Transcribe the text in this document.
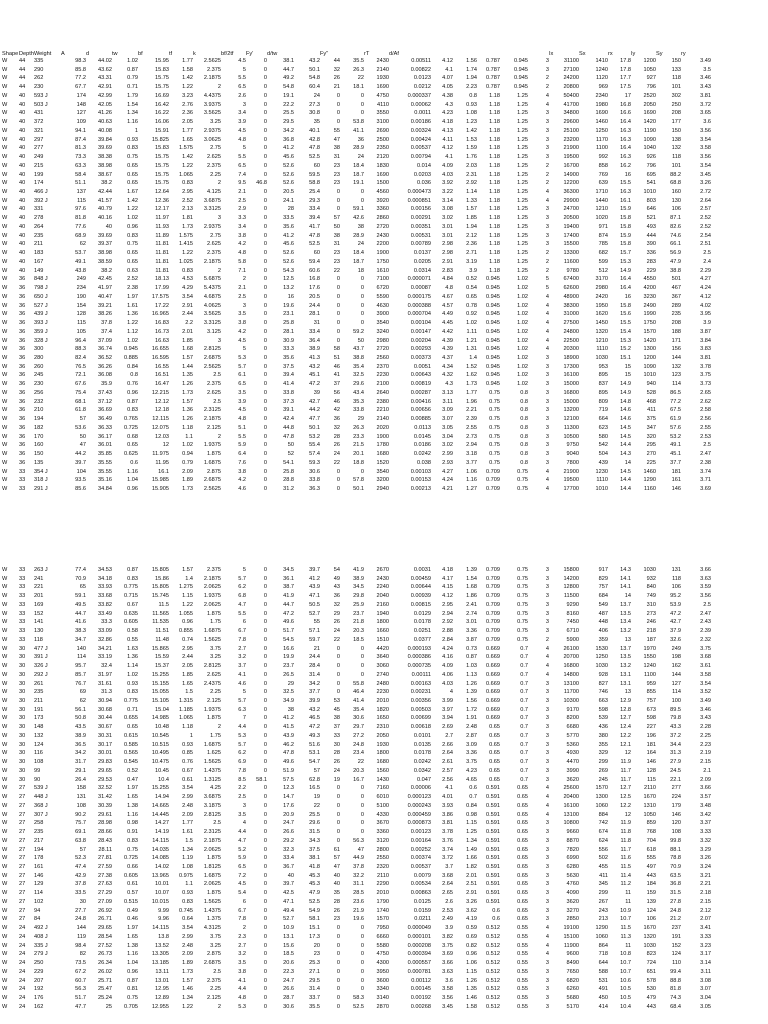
Shape	Depth	Weight	A	d	tw	bf	tf	k	bf/2tf	Fy'	d/tw		Fy''		rT	d/Af						Ix	Sx	rx	Iy	Sy	ry
W	44	335	98.3	44.02	1.02	15.95	1.77	2.5625	4.5	0	38.1	43.2	44	35.5	2430	0.00511	4.12	1.56	0.787	0.945	3	31100	1410	17.8	1200	150	3.49
W	44	290	85.8	43.62	0.87	15.83	1.58	2.375	5	0	44.7	50.1	32	26.3	2140	0.00822	4.1	1.74	0.787	0.945	3	27100	1240	17.8	1050	133	3.5
W	44	262	77.2	43.31	0.79	15.75	1.42	2.1875	5.5	0	49.2	54.8	26	22	1930	0.0123	4.07	1.94	0.787	0.945	2	24200	1120	17.7	927	118	3.46
W	44	230	67.7	42.91	0.71	15.75	1.22	2	6.5	0	54.8	60.4	21	18.1	1690	0.0212	4.05	2.23	0.787	0.945	2	20800	969	17.5	796	101	3.43
W	40	593 J	174	42.99	1.79	16.69	3.23	4.4375	2.6	0	19.1	24	0	0	4750	0.000337	4.38	0.8	1.18	1.25	4	50400	2340	17	2520	302	3.81
W	40	503 J	148	42.05	1.54	16.42	2.76	3.9375	3	0	22.2	27.3	0	0	4110	0.00062	4.3	0.93	1.18	1.25	4	41700	1980	16.8	2050	250	3.72
W	40	431	127	41.26	1.34	16.22	2.36	3.5625	3.4	0	25.5	30.8	0	0	3550	0.0011	4.23	1.08	1.18	1.25	3	34800	1690	16.6	1690	208	3.65
W	40	372	109	40.63	1.16	16.06	2.05	3.25	3.9	0	29.5	35	0	53.8	3100	0.00186	4.18	1.23	1.18	1.25	3	29600	1460	16.4	1420	177	3.6
W	40	321	94.1	40.08	1	15.91	1.77	2.9375	4.5	0	34.2	40.1	55	41.1	2690	0.00324	4.13	1.42	1.18	1.25	3	25100	1250	16.3	1190	150	3.56
W	40	297	87.4	39.84	0.93	15.825	1.65	3.0625	4.8	0	36.8	42.8	47	36	2500	0.00424	4.11	1.53	1.18	1.25	3	23200	1170	16.3	1090	138	3.54
W	40	277	81.3	39.69	0.83	15.83	1.575	2.75	5	0	41.2	47.8	38	28.9	2350	0.00537	4.12	1.59	1.18	1.25	3	21900	1100	16.4	1040	132	3.58
W	40	249	73.3	38.38	0.75	15.75	1.42	2.625	5.5	0	45.6	52.5	31	24	2120	0.00794	4.1	1.76	1.18	1.25	3	19500	992	16.3	926	118	3.56
W	40	215	63.3	38.98	0.65	15.75	1.22	2.375	6.5	0	52.6	60	23	18.4	1830	0.014	4.09	2.03	1.18	1.25	2	16700	858	16.2	796	101	3.54
W	40	199	58.4	38.67	0.65	15.75	1.065	2.25	7.4	0	52.6	59.5	23	18.7	1690	0.0203	4.03	2.31	1.18	1.25	2	14900	769	16	695	88.2	3.45
W	40	174	51.1	38.2	0.65	15.75	0.83	2	9.5	46.8	52.6	58.8	23	19.1	1500	0.036	3.92	2.92	1.18	1.25	2	12200	639	15.5	541	68.8	3.26
W	40	466 J	137	42.44	1.67	12.64	2.95	4.125	2.1	0	20.5	25.4	0	0	4560	0.000473	3.22	1.14	1.18	1.25	4	36300	1710	16.3	1010	160	2.72
W	40	392 J	115	41.57	1.42	12.36	2.52	3.6875	2.5	0	24.1	29.3	0	0	3920	0.000851	3.14	1.33	1.18	1.25	4	29900	1440	16.1	803	130	2.64
W	40	331	97.6	40.79	1.22	12.17	2.13	3.3125	2.9	0	28	33.4	0	59.1	3360	0.00156	3.08	1.57	1.18	1.25	3	24700	1210	15.9	646	106	2.57
W	40	278	81.8	40.16	1.02	11.97	1.81	3	3.3	0	33.5	39.4	57	42.6	2860	0.00291	3.02	1.85	1.18	1.25	3	20500	1020	15.8	521	87.1	2.52
W	40	264	77.6	40	0.96	11.93	1.73	2.9375	3.4	0	35.6	41.7	50	38	2720	0.00351	3.01	1.94	1.18	1.25	3	19400	971	15.8	493	82.6	2.52
W	40	235	68.9	39.69	0.83	11.89	1.575	2.75	3.8	0	41.2	47.8	38	28.9	2430	0.00531	3.01	2.12	1.18	1.25	3	17400	874	15.9	444	74.6	2.54
W	40	211	62	39.37	0.75	11.81	1.415	2.625	4.2	0	45.6	52.5	31	24	2200	0.00789	2.98	2.36	1.18	1.25	3	15500	785	15.8	390	66.1	2.51
W	40	183	53.7	38.98	0.65	11.81	1.22	2.375	4.8	0	52.6	60	23	18.4	1900	0.0137	2.98	2.71	1.18	1.25	2	13300	682	15.7	336	56.9	2.5
W	40	167	49.1	38.59	0.65	11.81	1.025	2.1875	5.8	0	52.6	59.4	23	18.7	1750	0.0205	2.91	3.19	1.18	1.25	2	11600	599	15.3	283	47.9	2.4
W	40	149	43.8	38.2	0.63	11.81	0.83	2	7.1	0	54.3	60.6	22	18	1610	0.0314	2.83	3.9	1.18	1.25	2	9780	512	14.9	229	38.8	2.29
W	36	848 J	249	42.45	2.52	18.13	4.53	5.6875	2	0	12.5	16.8	0	0	7100	0.000071	4.84	0.52	0.945	1.02	5	67400	3170	16.4	4550	501	4.27
W	36	798 J	234	41.97	2.38	17.99	4.29	5.4375	2.1	0	13.2	17.6	0	0	6720	0.00087	4.8	0.54	0.945	1.02	5	62600	2980	16.4	4200	467	4.24
W	36	650 J	190	40.47	1.97	17.575	3.54	4.6875	2.5	0	16	20.5	0	0	5590	0.000175	4.67	0.65	0.945	1.02	4	48900	2420	16	3230	367	4.12
W	36	527 J	154	39.21	1.61	17.22	2.91	4.0625	3	0	19.6	24.4	0	0	4630	0.000388	4.57	0.78	0.945	1.02	4	38300	1950	15.8	2490	289	4.02
W	36	439 J	128	38.26	1.36	16.965	2.44	3.5625	3.5	0	23.1	28.1	0	0	3900	0.000704	4.49	0.92	0.945	1.02	4	31000	1620	15.6	1990	235	3.95
W	36	393 J	115	37.8	1.22	16.83	2.2	3.3125	3.8	0	25.8	31	0	0	3540	0.00104	4.45	1.02	0.945	1.02	4	27500	1450	15.5	1750	208	3.9
W	36	359 J	105	37.4	1.12	16.73	2.01	3.125	4.2	0	28.1	33.4	0	59.2	3240	0.00147	4.42	1.11	0.945	1.02	4	24800	1320	15.4	1570	188	3.87
W	36	328 J	96.4	37.09	1.02	16.63	1.85	3	4.5	0	30.9	36.4	0	50	2980	0.00204	4.39	1.21	0.945	1.02	4	22500	1210	15.3	1420	171	3.84
W	36	300	88.3	36.74	0.945	16.655	1.68	2.8125	5	0	33.3	38.9	58	43.7	2720	0.00293	4.39	1.31	0.945	1.02	4	20300	1110	15.2	1300	156	3.83
W	36	280	82.4	36.52	0.885	16.595	1.57	2.6875	5.3	0	35.6	41.3	51	38.8	2560	0.00373	4.37	1.4	0.945	1.02	3	18900	1030	15.1	1200	144	3.81
W	36	260	76.5	36.26	0.84	16.55	1.44	2.5625	5.7	0	37.5	43.2	46	35.4	2370	0.0051	4.34	1.52	0.945	1.02	3	17300	953	15	1090	132	3.78
W	36	245	72.1	36.08	0.8	16.51	1.35	2.5	6.1	0	39.4	45.1	41	32.5	2230	0.00643	4.32	1.62	0.945	1.02	3	16100	895	15	1010	123	3.75
W	36	230	67.6	35.9	0.76	16.47	1.26	2.375	6.5	0	41.4	47.2	37	29.6	2100	0.00819	4.3	1.73	0.945	1.02	3	15000	837	14.9	940	114	3.73
W	36	256	75.4	37.43	0.96	12.215	1.73	2.625	3.5	0	33.8	39	56	43.4	2640	0.00287	3.13	1.77	0.75	0.8	3	16800	895	14.9	528	86.5	2.65
W	36	232	68.1	37.12	0.87	12.12	1.57	2.5	3.9	0	37.3	42.7	46	35.3	2380	0.00416	3.11	1.96	0.75	0.8	3	15000	809	14.8	468	77.2	2.62
W	36	210	61.8	36.69	0.83	12.18	1.36	2.3125	4.5	0	39.1	44.2	42	33.8	2210	0.00656	3.09	2.21	0.75	0.8	3	13200	719	14.6	411	67.5	2.58
W	36	194	57	36.49	0.765	12.115	1.26	2.1875	4.8	0	42.4	47.7	36	29	2140	0.00885	3.07	2.39	0.75	0.8	3	12100	664	14.6	375	61.9	2.56
W	36	182	53.6	36.33	0.725	12.075	1.18	2.125	5.1	0	44.8	50.1	32	26.3	2020	0.0113	3.05	2.55	0.75	0.8	3	11300	623	14.5	347	57.6	2.55
W	36	170	50	36.17	0.68	12.03	1.1	2	5.5	0	47.8	53.2	28	23.3	1900	0.0145	3.04	2.73	0.75	0.8	3	10500	580	14.5	320	53.2	2.53
W	36	160	47	36.01	0.65	12	1.02	1.9375	5.9	0	50	55.4	26	21.5	1780	0.0186	3.02	2.94	0.75	0.8	3	9750	542	14.4	295	49.1	2.5
W	36	150	44.2	35.85	0.625	11.975	0.94	1.875	6.4	0	52	57.4	24	20.1	1680	0.0242	2.99	3.18	0.75	0.8	3	9040	504	14.3	270	45.1	2.47
W	36	135	39.7	35.55	0.6	11.95	0.79	1.6875	7.6	0	54.1	59.3	22	18.8	1520	0.038	2.93	3.77	0.75	0.8	3	7800	439	14	225	37.7	2.38
W	33	354 J	104	35.55	1.16	16.1	2.09	2.875	3.8	0	25.8	30.6	0	0	3540	0.00103	4.27	1.06	0.709	0.75	4	21900	1230	14.5	1460	181	3.74
W	33	318 J	93.5	35.16	1.04	15.985	1.89	2.6875	4.2	0	28.8	33.8	0	57.8	3200	0.00153	4.24	1.16	0.709	0.75	4	19500	1110	14.4	1290	161	3.71
W	33	291 J	85.6	34.84	0.96	15.905	1.73	2.5625	4.6	0	31.2	36.3	0	50.1	2940	0.00213	4.21	1.27	0.709	0.75	4	17700	1010	14.4	1160	146	3.69
W	33	263 J	77.4	34.53	0.87	15.805	1.57	2.375	5	0	34.5	39.7	54	41.9	2670	0.0031	4.18	1.39	0.709	0.75	3	15800	917	14.3	1030	131	3.66
W	33	241	70.9	34.18	0.83	15.86	1.4	2.1875	5.7	0	36.1	41.2	49	38.9	2430	0.00459	4.17	1.54	0.709	0.75	3	14200	829	14.1	932	118	3.63
W	33	221	65	33.93	0.775	15.805	1.275	2.0625	6.2	0	38.7	43.9	43	34.5	2240	0.00644	4.15	1.68	0.709	0.75	3	12800	757	14.1	840	106	3.59
W	33	201	59.1	33.68	0.715	15.745	1.15	1.9375	6.8	0	41.9	47.1	36	29.8	2040	0.00939	4.12	1.86	0.709	0.75	3	11500	684	14	749	95.2	3.56
W	33	169	49.5	33.82	0.67	11.5	1.22	2.0625	4.7	0	44.7	50.5	32	25.9	2160	0.00815	2.95	2.41	0.709	0.75	3	9290	549	13.7	310	53.9	2.5
W	33	152	44.7	33.49	0.635	11.565	1.055	1.875	5.5	0	47.2	52.7	29	23.7	1940	0.0129	2.94	2.74	0.709	0.75	3	8160	487	13.5	273	47.2	2.47
W	33	141	41.6	33.3	0.605	11.535	0.96	1.75	6	0	49.6	55	26	21.8	1800	0.0178	2.92	3.01	0.709	0.75	3	7450	448	13.4	246	42.7	2.43
W	33	130	38.3	33.09	0.58	11.51	0.855	1.6875	6.7	0	51.7	57.1	24	20.3	1660	0.0251	2.88	3.36	0.709	0.75	3	6710	406	13.2	218	37.9	2.39
W	33	118	34.7	32.86	0.55	11.48	0.74	1.5625	7.8	0	54.5	59.7	22	18.5	1510	0.0377	2.84	3.87	0.709	0.75	2	5900	359	13	187	32.6	2.32
W	30	477 J	140	34.21	1.63	15.865	2.95	3.75	2.7	0	16.6	21	0	0	4420	0.000193	4.24	0.73	0.669	0.7	4	26100	1530	13.7	1970	249	3.75
W	30	391 J	114	33.19	1.36	15.59	2.44	3.25	3.2	0	19.9	24.4	0	0	3640	0.000386	4.16	0.87	0.669	0.7	4	20700	1250	13.5	1550	198	3.68
W	30	326 J	95.7	32.4	1.14	15.37	2.05	2.8125	3.7	0	23.7	28.4	0	0	3060	0.000735	4.09	1.03	0.669	0.7	4	16800	1030	13.2	1240	162	3.61
W	30	292 J	85.7	31.97	1.02	15.255	1.85	2.625	4.1	0	26.5	31.4	0	0	2740	0.00111	4.06	1.13	0.669	0.7	4	14800	928	13.1	1100	144	3.58
W	30	261	76.7	31.61	0.93	15.155	1.65	2.4375	4.6	0	29	34.2	0	55.8	2480	0.00163	4.03	1.26	0.669	0.7	3	13100	827	13.1	959	127	3.54
W	30	235	69	31.3	0.83	15.055	1.5	2.25	5	0	32.5	37.7	0	46.4	2230	0.00231	4	1.39	0.669	0.7	3	11700	746	13	855	114	3.52
W	30	211	62	30.94	0.775	15.105	1.315	2.125	5.7	0	34.9	39.9	53	41.4	2010	0.00356	3.99	1.56	0.669	0.7	3	10300	663	12.9	757	100	3.49
W	30	191	56.1	30.68	0.71	15.04	1.185	1.9375	6.3	0	38	43.2	45	35.4	1820	0.00503	3.97	1.72	0.669	0.7	3	9170	598	12.8	673	89.5	3.46
W	30	173	50.8	30.44	0.655	14.985	1.065	1.875	7	0	41.2	46.5	38	30.6	1650	0.00699	3.94	1.91	0.669	0.7	3	8200	539	12.7	598	79.8	3.43
W	30	148	43.5	30.67	0.65	10.48	1.18	2	4.4	0	41.5	47.2	37	29.7	2310	0.00618	2.69	2.48	0.65	0.7	3	6680	436	12.4	227	43.3	2.28
W	30	132	38.9	30.31	0.615	10.545	1	1.75	5.3	0	43.9	49.3	33	27.2	2050	0.0101	2.7	2.87	0.65	0.7	3	5770	380	12.2	196	37.2	2.25
W	30	124	36.5	30.17	0.585	10.515	0.93	1.6875	5.7	0	46.2	51.6	30	24.8	1930	0.0135	2.66	3.09	0.65	0.7	3	5360	355	12.1	181	34.4	2.23
W	30	116	34.2	30.01	0.565	10.495	0.85	1.625	6.2	0	47.8	53.1	28	23.4	1800	0.0178	2.64	3.36	0.65	0.7	3	4930	329	12	164	31.3	2.19
W	30	108	31.7	29.83	0.545	10.475	0.76	1.5625	6.9	0	49.6	54.7	26	22	1680	0.0242	2.61	3.75	0.65	0.7	3	4470	299	11.9	146	27.9	2.15
W	30	99	29.1	29.65	0.52	10.45	0.67	1.4375	7.8	0	51.9	57	24	20.3	1560	0.0342	2.57	4.23	0.65	0.7	3	3990	269	11.7	128	24.5	2.1
W	30	90	26.4	29.53	0.47	10.4	0.61	1.3125	8.5	58.1	57.5	62.8	19	16.7	1430	0.047	2.56	4.65	0.65	0.7	3	3620	245	11.7	115	22.1	2.09
W	27	539 J	158	32.52	1.97	15.255	3.54	4.25	2.2	0	12.3	16.5	0	0	7160	0.00006	4.1	0.6	0.591	0.65	4	25600	1570	12.7	2110	277	3.66
W	27	448 J	131	31.42	1.65	14.94	2.99	3.6875	2.5	0	14.7	19	0	0	6010	0.000123	4.01	0.7	0.591	0.65	4	20400	1300	12.5	1670	224	3.57
W	27	368 J	108	30.39	1.38	14.665	2.48	3.1875	3	0	17.6	22	0	0	5100	0.000243	3.93	0.84	0.591	0.65	4	16100	1060	12.2	1310	179	3.48
W	27	307 J	90.2	29.61	1.16	14.445	2.09	2.8125	3.5	0	20.9	25.5	0	0	4330	0.000459	3.86	0.98	0.591	0.65	4	13100	884	12	1050	146	3.42
W	27	258	75.7	28.98	0.98	14.27	1.77	2.5	4	0	24.7	29.6	0	0	3670	0.000873	3.81	1.15	0.591	0.65	3	10800	742	11.9	859	120	3.37
W	27	235	69.1	28.66	0.91	14.19	1.61	2.3125	4.4	0	26.6	31.5	0	0	3360	0.00123	3.78	1.25	0.591	0.65	3	9660	674	11.8	768	108	3.33
W	27	217	63.8	28.43	0.83	14.115	1.5	2.1875	4.7	0	29.2	34.3	0	56.3	3120	0.00164	3.76	1.34	0.591	0.65	3	8870	624	11.8	704	99.8	3.32
W	27	194	57	28.11	0.75	14.035	1.34	2.0625	5.2	0	32.3	37.5	61	47	2800	0.00252	3.74	1.49	0.591	0.65	3	7820	556	11.7	618	88.1	3.29
W	27	178	52.3	27.81	0.725	14.085	1.19	1.875	5.9	0	33.4	38.1	57	44.9	2550	0.00374	3.72	1.66	0.591	0.65	3	6990	502	11.6	555	78.8	3.26
W	27	161	47.4	27.59	0.66	14.02	1.08	1.8125	6.5	0	36.7	41.8	47	37.8	2320	0.00537	3.7	1.82	0.591	0.65	3	6280	455	11.5	497	70.9	3.24
W	27	146	42.9	27.38	0.605	13.965	0.975	1.6875	7.2	0	40	45.3	40	32.2	2110	0.0079	3.68	2.01	0.591	0.65	3	5630	411	11.4	443	63.5	3.21
W	27	129	37.8	27.63	0.61	10.01	1.1	2.0625	4.5	0	39.7	45.3	40	31.1	2290	0.00534	2.64	2.51	0.591	0.65	3	4760	345	11.2	184	36.8	2.21
W	27	114	33.5	27.29	0.57	10.07	0.93	1.875	5.4	0	42.5	47.9	35	28.5	2010	0.00863	2.65	2.91	0.591	0.65	3	4090	299	11	159	31.5	2.18
W	27	102	30	27.09	0.515	10.015	0.83	1.5625	6	0	47.1	52.5	28	23.6	1790	0.0125	2.6	3.26	0.591	0.65	3	3620	267	11	139	27.8	2.15
W	27	94	27.7	26.92	0.49	9.99	0.745	1.4375	6.7	0	49.4	54.9	26	21.9	1740	0.0159	2.53	3.62	0.6	0.65	3	3270	243	10.9	124	24.8	2.12
W	27	84	24.8	26.71	0.46	9.96	0.64	1.375	7.8	0	52.7	58.1	23	19.6	1570	0.0211	2.49	4.19	0.6	0.65	3	2850	213	10.7	106	21.2	2.07
W	24	492 J	144	29.65	1.97	14.115	3.54	4.3125	2	0	10.9	15.1	0	0	7950	0.000049	3.9	0.59	0.512	0.55	4	19100	1290	11.5	1670	237	3.41
W	24	408 J	119	28.54	1.65	13.8	2.99	3.75	2.3	0	13.1	17.3	0	0	6660	0.000101	3.82	0.69	0.512	0.55	4	15100	1060	11.3	1320	191	3.33
W	24	335 J	98.4	27.52	1.38	13.52	2.48	3.25	2.7	0	15.6	20	0	0	5580	0.000208	3.75	0.82	0.512	0.55	4	11900	864	11	1030	152	3.23
W	24	279 J	82	26.73	1.16	13.305	2.09	2.875	3.2	0	18.5	23	0	0	4750	0.000394	3.69	0.96	0.512	0.55	4	9600	718	10.8	823	124	3.17
W	24	250	73.5	26.34	1.04	13.185	1.89	2.6875	3.5	0	20.6	25.3	0	0	4300	0.000557	3.66	1.06	0.512	0.55	3	8490	644	10.7	724	110	3.14
W	24	229	67.2	26.02	0.96	13.11	1.73	2.5	3.8	0	22.3	27.1	0	0	3950	0.000781	3.63	1.15	0.512	0.55	3	7650	588	10.7	651	99.4	3.11
W	24	207	60.7	25.71	0.87	13.01	1.57	2.375	4.1	0	24.7	29.5	0	0	3600	0.00112	3.6	1.26	0.512	0.55	3	6820	531	10.6	578	88.8	3.08
W	24	192	56.3	25.47	0.81	12.95	1.46	2.25	4.4	0	26.6	31.4	0	0	3340	0.00145	3.58	1.35	0.512	0.55	3	6260	491	10.5	530	81.8	3.07
W	24	176	51.7	25.24	0.75	12.89	1.34	2.125	4.8	0	28.7	33.7	0	58.3	3140	0.00192	3.56	1.46	0.512	0.55	3	5680	450	10.5	479	74.3	3.04
W	24	162	47.7	25	0.705	12.955	1.22	2	5.3	0	30.6	35.5	0	52.5	2870	0.00268	3.45	1.58	0.512	0.55	3	5170	414	10.4	443	68.4	3.05
